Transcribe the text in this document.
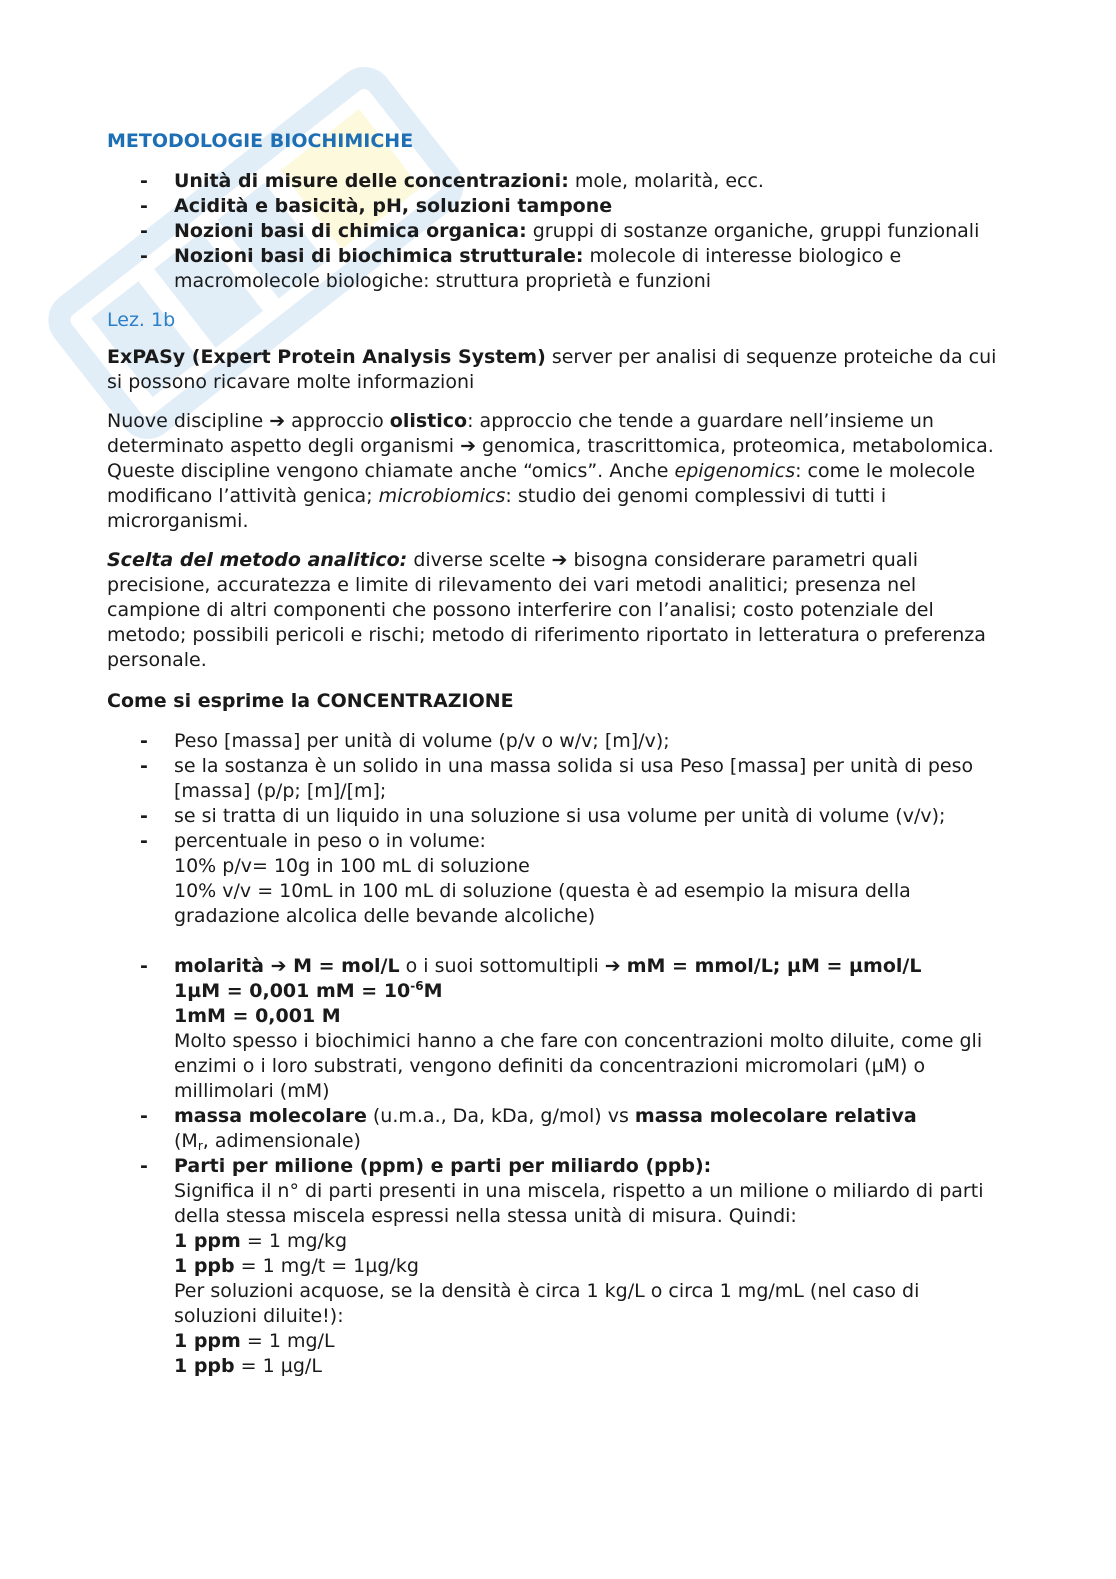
METODOLOGIE BIOCHIMICHE
- Unità di misure delle concentrazioni: mole, molarità, ecc.
- Acidità e basicità, pH, soluzioni tampone
- Nozioni basi di chimica organica: gruppi di sostanze organiche, gruppi funzionali
- Nozioni basi di biochimica strutturale: molecole di interesse biologico e macromolecole biologiche: struttura proprietà e funzioni
Lez. 1b

ExPASy (Expert Protein Analysis System) server per analisi di sequenze proteiche da cui si possono ricavare molte informazioni

Nuove discipline ➔ approccio olistico: approccio che tende a guardare nell’insieme un determinato aspetto degli organismi ➔ genomica, trascrittomica, proteomica, metabolomica. Queste discipline vengono chiamate anche “omics”. Anche epigenomics: come le molecole modificano l’attività genica; microbiomics: studio dei genomi complessivi di tutti i microrganismi.

Scelta del metodo analitico: diverse scelte ➔ bisogna considerare parametri quali precisione, accuratezza e limite di rilevamento dei vari metodi analitici; presenza nel campione di altri componenti che possono interferire con l’analisi; costo potenziale del metodo; possibili pericoli e rischi; metodo di riferimento riportato in letteratura o preferenza personale.

Come si esprime la CONCENTRAZIONE
- Peso [massa] per unità di volume (p/v o w/v; [m]/v);
- se la sostanza è un solido in una massa solida si usa Peso [massa] per unità di peso [massa] (p/p; [m]/[m];
- se si tratta di un liquido in una soluzione si usa volume per unità di volume (v/v);
- percentuale in peso o in volume:
10% p/v= 10g in 100 mL di soluzione
10% v/v = 10mL in 100 mL di soluzione (questa è ad esempio la misura della gradazione alcolica delle bevande alcoliche)
- molarità ➔ M = mol/L o i suoi sottomultipli ➔ mM = mmol/L; µM = µmol/L
1µM = 0,001 mM = $10^{-6}M$
1mM = 0,001 M
Molto spesso i biochimici hanno a che fare con concentrazioni molto diluite, come gli enzimi o i loro substrati, vengono definiti da concentrazioni micromolari (µM) o millimolari (mM)
- massa molecolare (u.m.a., Da, kDa, g/mol) vs massa molecolare relativa
($M_r$, adimensionale)
- Parti per milione (ppm) e parti per miliardo (ppb):
Significa il n° di parti presenti in una miscela, rispetto a un milione o miliardo di parti della stessa miscela espressi nella stessa unità di misura. Quindi:
1 ppm = 1 mg/kg
1 ppb = 1 mg/t = 1µg/kg
Per soluzioni acquose, se la densità è circa 1 kg/L o circa 1 mg/mL (nel caso di soluzioni diluite!):
1 ppm = 1 mg/L
1 ppb = 1 µg/L
